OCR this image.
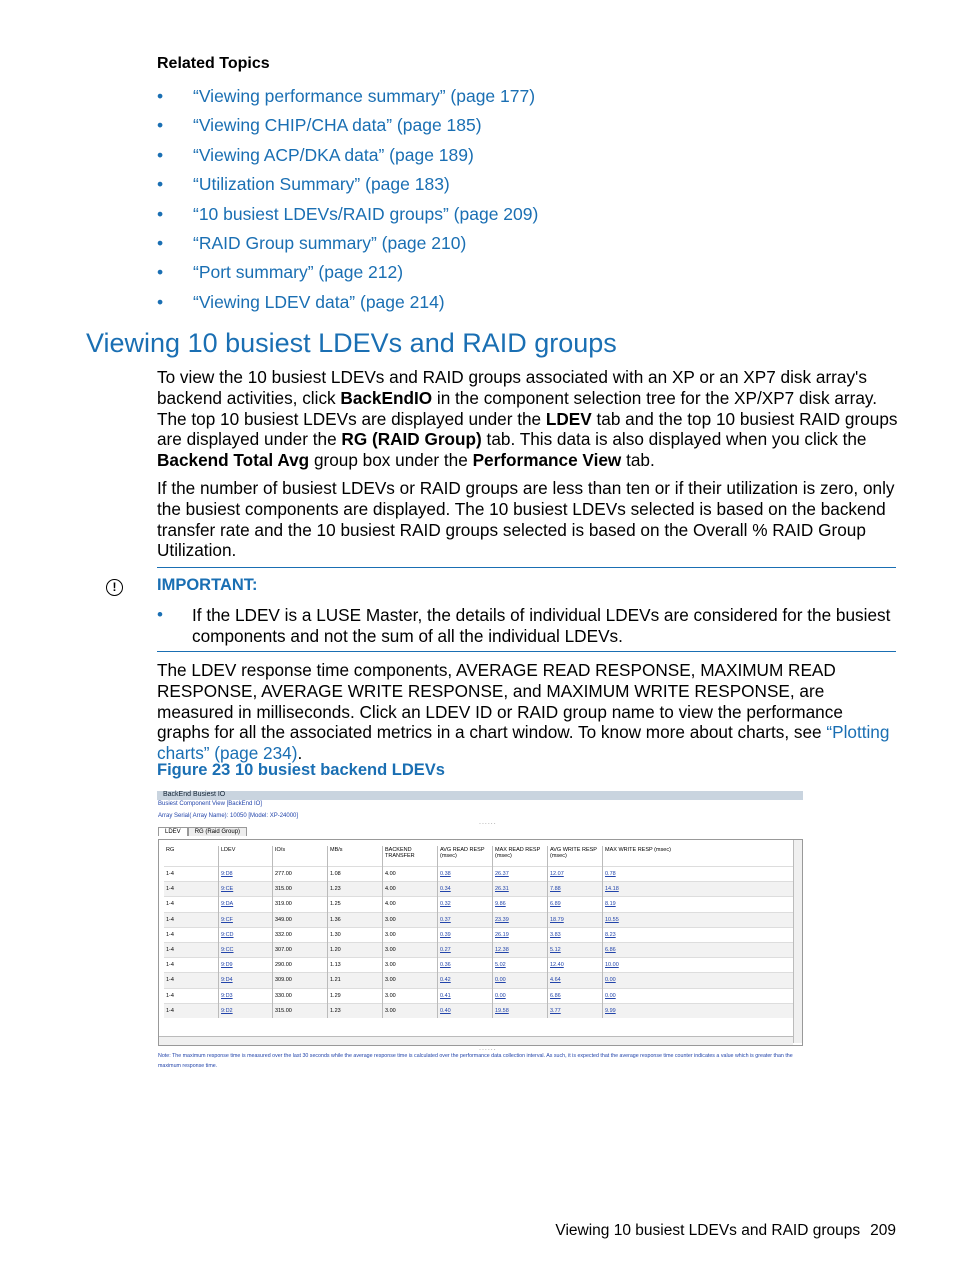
Related Topics
• “Viewing performance summary” (page 177)
• “Viewing CHIP/CHA data” (page 185)
• “Viewing ACP/DKA data” (page 189)
• “Utilization Summary” (page 183)
• “10 busiest LDEVs/RAID groups” (page 209)
• “RAID Group summary” (page 210)
• “Port summary” (page 212)
• “Viewing LDEV data” (page 214)
Viewing 10 busiest LDEVs and RAID groups

To view the 10 busiest LDEVs and RAID groups associated with an XP or an XP7 disk array's backend activities, click BackEndIO in the component selection tree for the XP/XP7 disk array. The top 10 busiest LDEVs are displayed under the LDEV tab and the top 10 busiest RAID groups are displayed under the RG (RAID Group) tab. This data is also displayed when you click the Backend Total Avg group box under the Performance View tab.

If the number of busiest LDEVs or RAID groups are less than ten or if their utilization is zero, only the busiest components are displayed. The 10 busiest LDEVs selected is based on the backend transfer rate and the 10 busiest RAID groups selected is based on the Overall % RAID Group Utilization.

!	IMPORTANT:
• If the LDEV is a LUSE Master, the details of individual LDEVs are considered for the busiest components and not the sum of all the individual LDEVs.

The LDEV response time components, AVERAGE READ RESPONSE, MAXIMUM READ RESPONSE, AVERAGE WRITE RESPONSE, and MAXIMUM WRITE RESPONSE, are measured in milliseconds. Click an LDEV ID or RAID group name to view the performance graphs for all the associated metrics in a chart window. To know more about charts, see “Plotting charts” (page 234).

Figure 23 10 busiest backend LDEVs
BackEnd Busiest IO
Busiest Component View [BackEnd IO]
Array Serial( Array Name): 10050 [Model: XP-24000]
......
LDEV RG (Raid Group)
RG	LDEV	IO/s	MB/s	BACKEND TRANSFER	AVG READ RESP (msec)	MAX READ RESP (msec)	AVG WRITE RESP (msec)	MAX WRITE RESP (msec)
1-4	9:D8	277.00	1.08	4.00	0.38	26.37	12.07	0.78
1-4	9:CE	315.00	1.23	4.00	0.34	26.31	7.88	14.18
1-4	9:DA	319.00	1.25	4.00	0.32	9.86	6.89	8.19
1-4	9:CF	349.00	1.36	3.00	0.37	23.39	18.79	10.55
1-4	9:CD	332.00	1.30	3.00	0.39	26.19	3.83	8.23
1-4	9:CC	307.00	1.20	3.00	0.27	12.38	5.12	6.86
1-4	9:D9	290.00	1.13	3.00	0.36	5.02	12.40	10.00
1-4	9:D4	309.00	1.21	3.00	0.42	0.00	4.64	0.00
1-4	9:D3	330.00	1.29	3.00	0.41	0.00	6.86	0.00
1-4	9:D2	315.00	1.23	3.00	0.40	19.58	3.77	9.99
......
Note: The maximum response time is measured over the last 30 seconds while the average response time is calculated over the performance data collection interval. As such, it is expected that the average response time counter indicates a value which is greater than the maximum response time.
Viewing 10 busiest LDEVs and RAID groups 209
